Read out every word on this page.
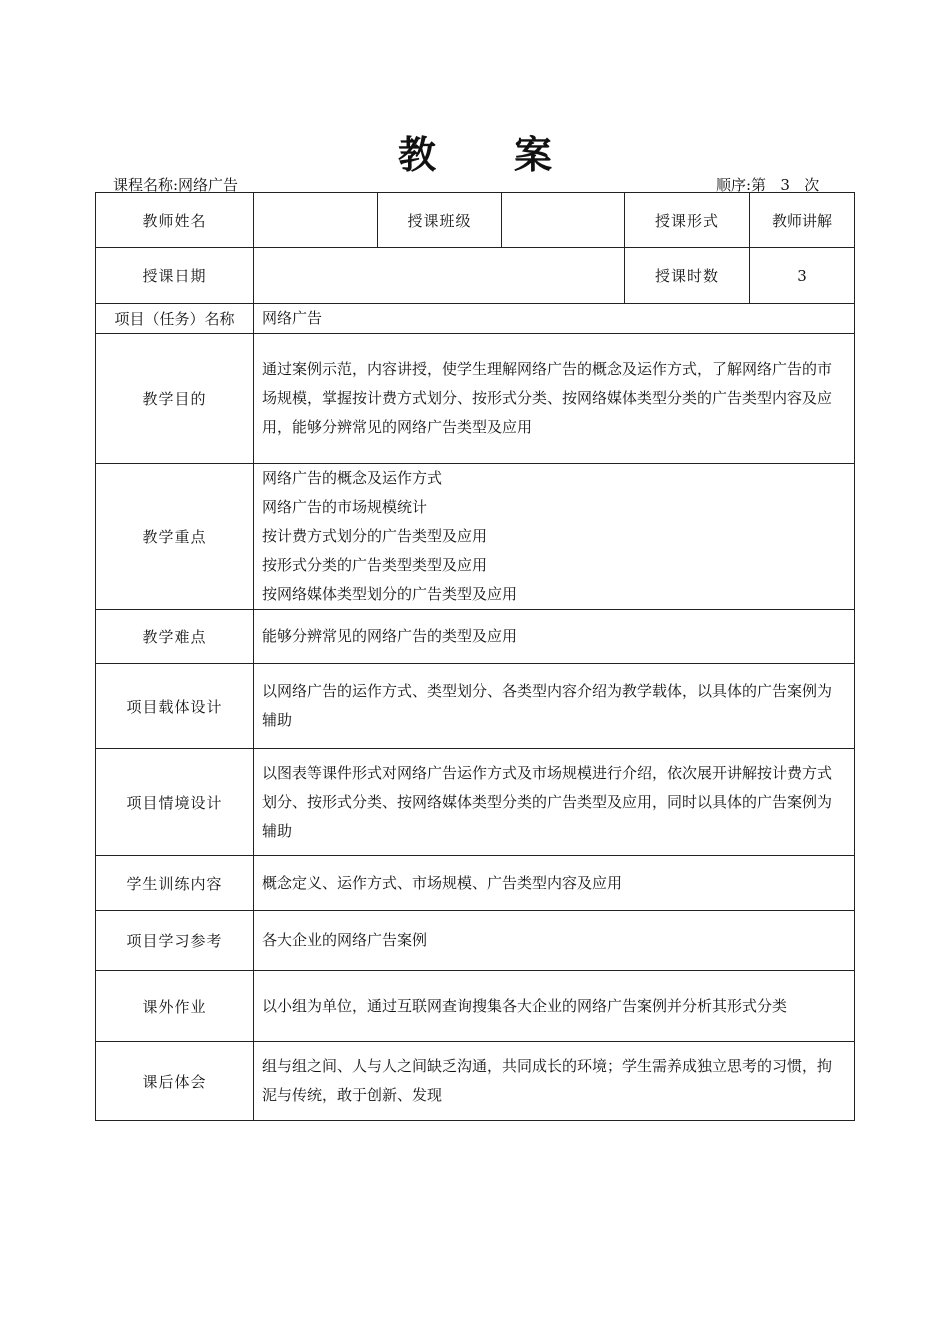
教 案
课程名称:网络广告	顺序:第   3   次
教师姓名		授课班级		授课形式	教师讲解
授课日期				授课时数	3
项目（任务）名称	网络广告				
教学目的	通过案例示范，内容讲授，使学生理解网络广告的概念及运作方式，了解网络广告的市场规模，掌握按计费方式划分、按形式分类、按网络媒体类型分类的广告类型内容及应用，能够分辨常见的网络广告类型及应用				
教学重点	网络广告的概念及运作方式
网络广告的市场规模统计
按计费方式划分的广告类型及应用
按形式分类的广告类型类型及应用
按网络媒体类型划分的广告类型及应用				

教学难点	能够分辨常见的网络广告的类型及应用				
项目载体设计	以网络广告的运作方式、类型划分、各类型内容介绍为教学载体，以具体的广告案例为辅助				
项目情境设计	以图表等课件形式对网络广告运作方式及市场规模进行介绍，依次展开讲解按计费方式划分、按形式分类、按网络媒体类型分类的广告类型及应用，同时以具体的广告案例为辅助				
学生训练内容	概念定义、运作方式、市场规模、广告类型内容及应用				
项目学习参考	各大企业的网络广告案例				
课外作业	以小组为单位，通过互联网查询搜集各大企业的网络广告案例并分析其形式分类				
课后体会	组与组之间、人与人之间缺乏沟通，共同成长的环境；学生需养成独立思考的习惯，拘泥与传统，敢于创新、发现				
